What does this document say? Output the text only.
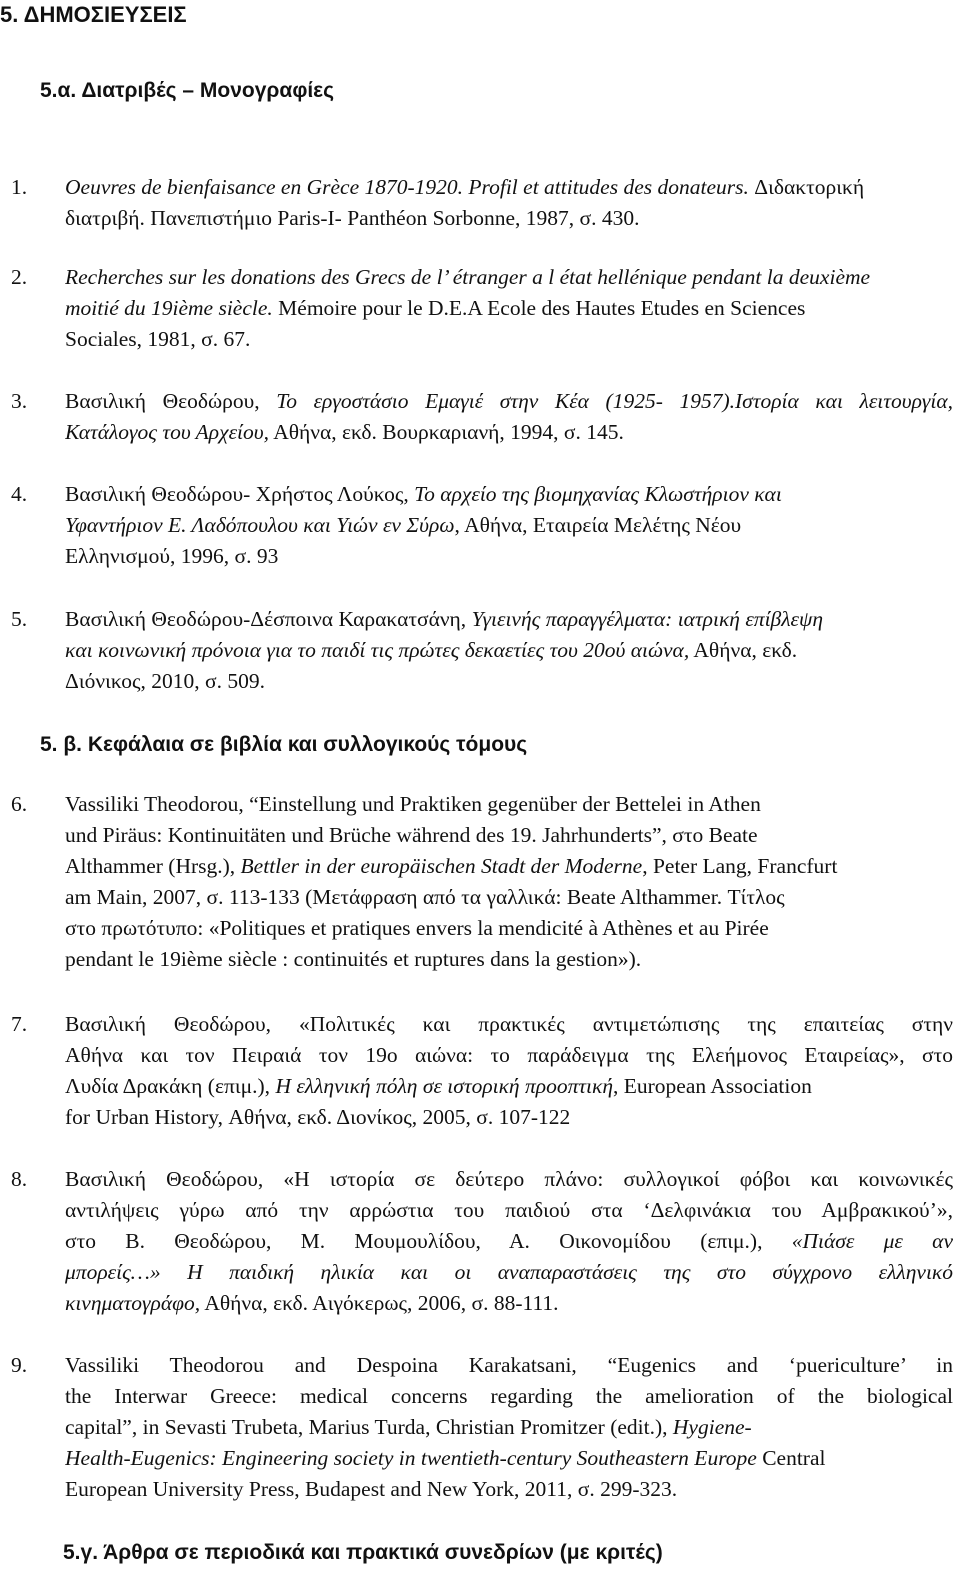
5. ΔΗΜΟΣΙΕΥΣΕΙΣ
5.α. Διατριβές – Μονογραφίες
1. Oeuvres de bienfaisance en Grèce 1870-1920. Profil et attitudes des donateurs. Διδακτορική
διατριβή. Πανεπιστήμιο Paris-I- Panthéon Sorbonne, 1987, σ. 430.
2. Recherches sur les donations des Grecs de l’ étranger a l état hellénique pendant la deuxième
moitié du 19ième siècle. Mémoire pour le D.E.A Ecole des Hautes Etudes en Sciences
Sociales, 1981, σ. 67.
3. Βασιλική Θεοδώρου, Το εργοστάσιο Εμαγιέ στην Κέα (1925- 1957).Ιστορία και λειτουργία,
Κατάλογος του Αρχείου, Αθήνα, εκδ. Βουρκαριανή, 1994, σ. 145.
4. Βασιλική Θεοδώρου- Χρήστος Λούκος, Το αρχείο της βιομηχανίας Κλωστήριον και
Υφαντήριον Ε. Λαδόπουλου και Υιών εν Σύρω, Αθήνα, Εταιρεία Μελέτης Νέου
Ελληνισμού, 1996, σ. 93
5. Βασιλική Θεοδώρου-Δέσποινα Καρακατσάνη, Υγιεινής παραγγέλματα: ιατρική επίβλεψη
και κοινωνική πρόνοια για το παιδί τις πρώτες δεκαετίες του 20ού αιώνα, Αθήνα, εκδ.
Διόνικος, 2010, σ. 509.
5. β. Κεφάλαια σε βιβλία και συλλογικούς τόμους
6. Vassiliki Theodorou, “Einstellung und Praktiken gegenüber der Bettelei in Athen
und Piräus: Kontinuitäten und Brüche während des 19. Jahrhunderts”, στο Beate
Althammer (Hrsg.), Bettler in der europäischen Stadt der Moderne, Peter Lang, Francfurt
am Main, 2007, σ. 113-133 (Μετάφραση από τα γαλλικά: Beate Althammer. Τίτλος
στο πρωτότυπο: «Politiques et pratiques envers la mendicité à Athènes et au Pirée
pendant le 19ième siècle : continuités et ruptures dans la gestion»).
7. Βασιλική Θεοδώρου, «Πολιτικές και πρακτικές αντιμετώπισης της επαιτείας στην
Αθήνα και τον Πειραιά τον 19ο αιώνα: το παράδειγμα της Ελεήμονος Εταιρείας», στο
Λυδία Δρακάκη (επιμ.), Η ελληνική πόλη σε ιστορική προοπτική, European Association
for Urban History, Αθήνα, εκδ. Διονίκος, 2005, σ. 107-122
8. Βασιλική Θεοδώρου, «Η ιστορία σε δεύτερο πλάνο: συλλογικοί φόβοι και κοινωνικές
αντιλήψεις γύρω από την αρρώστια του παιδιού στα ‘Δελφινάκια του Αμβρακικού’»,
στο Β. Θεοδώρου, Μ. Μουμουλίδου, Α. Οικονομίδου (επιμ.), «Πιάσε με αν
μπορείς…» Η παιδική ηλικία και οι αναπαραστάσεις της στο σύγχρονο ελληνικό
κινηματογράφο, Αθήνα, εκδ. Αιγόκερως, 2006, σ. 88-111.
9. Vassiliki Theodorou and Despoina Karakatsani, “Eugenics and ‘puericulture’ in
the Interwar Greece: medical concerns regarding the amelioration of the biological
capital”, in Sevasti Trubeta, Marius Turda, Christian Promitzer (edit.), Hygiene-
Health-Eugenics: Engineering society in twentieth-century Southeastern Europe Central
European University Press, Budapest and New York, 2011, σ. 299-323.
5.γ. Άρθρα σε περιοδικά και πρακτικά συνεδρίων (με κριτές)
